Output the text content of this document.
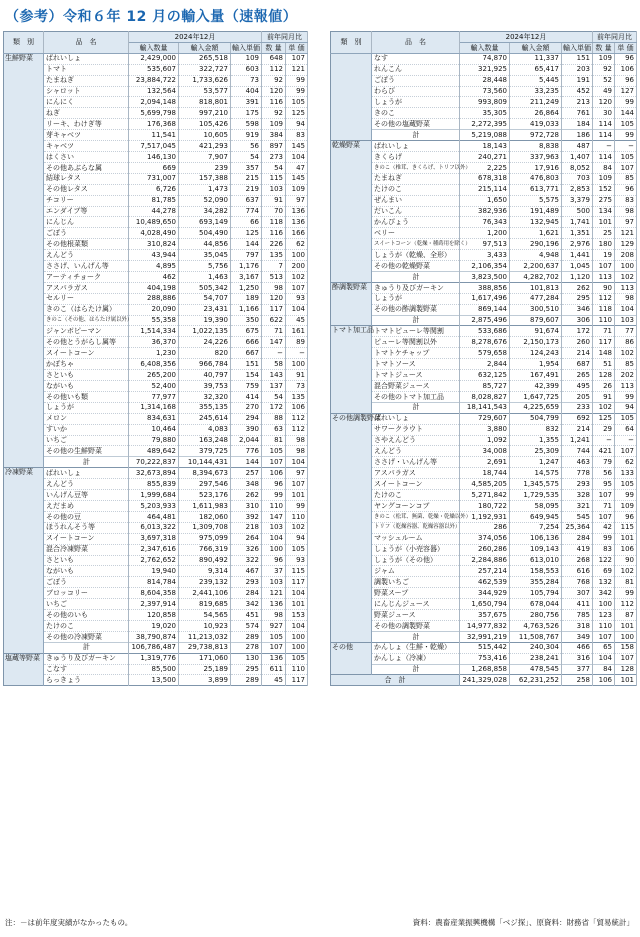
（参考）令和６年 12 月の輸入量（速報値）
類　別	品　名	2024年12月			前年同月比	
		輸入数量	輸入金額	輸入単価	数 量	単 価
生鮮野菜	ばれいしょ	2,429,000	265,518	109	648	107
	トマト	535,607	322,727	603	112	121
	たまねぎ	23,884,722	1,733,626	73	92	99
	シャロット	132,564	53,577	404	120	99
	にんにく	2,094,148	818,801	391	116	105
	ねぎ	5,699,798	997,210	175	92	125
	リーキ、わけぎ等	176,368	105,426	598	109	94
	芽キャベツ	11,541	10,605	919	384	83
	キャベツ	7,517,045	421,293	56	897	145
	はくさい	146,130	7,907	54	273	104
	その他あぶらな属	669	239	357	54	47
	結球レタス	731,007	157,388	215	115	145
	その他レタス	6,726	1,473	219	103	109
	チコリー	81,785	52,090	637	91	97
	エンダイブ等	44,278	34,282	774	70	136
	にんじん	10,489,650	693,149	66	118	136
	ごぼう	4,028,490	504,490	125	116	166
	その他根菜類	310,824	44,856	144	226	62
	えんどう	43,944	35,045	797	135	100
	ささげ、いんげん等	4,895	5,756	1,176	7	200
	アーティチョーク	462	1,463	3,167	513	102
	アスパラガス	404,198	505,342	1,250	98	107
	セルリー	288,886	54,707	189	120	93
	きのこ（はらたけ属）	20,090	23,431	1,166	117	104
	きのこ（その他、はらたけ属以外）	55,358	19,390	350	622	45
	ジャンボピーマン	1,514,334	1,022,135	675	71	161
	その他とうがらし属等	36,370	24,226	666	147	89
	スイートコーン	1,230	820	667	−	−
	かぼちゃ	6,408,356	966,784	151	58	100
	さといも	265,200	40,797	154	143	91
	ながいも	52,400	39,753	759	137	73
	その他いも類	77,977	32,320	414	54	135
	しょうが	1,314,168	355,135	270	172	106
	メロン	834,631	245,614	294	88	112
	すいか	10,464	4,083	390	63	112
	いちご	79,880	163,248	2,044	81	98
	その他の生鮮野菜	489,642	379,725	776	105	98
	計	70,222,837	10,144,431	144	107	104
冷凍野菜	ばれいしょ	32,673,894	8,394,673	257	106	97
	えんどう	855,839	297,546	348	96	107
	いんげん豆等	1,999,684	523,176	262	99	101
	えだまめ	5,203,933	1,611,983	310	110	99
	その他の豆	464,481	182,060	392	147	110
	ほうれんそう等	6,013,322	1,309,708	218	103	102
	スイートコーン	3,697,318	975,099	264	104	94
	混合冷凍野菜	2,347,616	766,319	326	100	105
	さといも	2,762,652	890,492	322	96	93
	ながいも	19,940	9,314	467	37	115
	ごぼう	814,784	239,132	293	103	117
	ブロッコリー	8,604,358	2,441,106	284	121	104
	いちご	2,397,914	819,685	342	136	101
	その他のいも	120,858	54,565	451	98	153
	たけのこ	19,020	10,923	574	927	104
	その他の冷凍野菜	38,790,874	11,213,032	289	105	100
	計	106,786,487	29,738,813	278	107	100
塩蔵等野菜	きゅうり及びガーキン	1,319,776	171,060	130	136	105
	こなす	85,500	25,189	295	611	110
	らっきょう	13,500	3,899	289	45	117
類　別	品　名	2024年12月			前年同月比	
		輸入数量	輸入金額	輸入単価	数 量	単 価
	なす	74,870	11,337	151	109	96
	れんこん	321,925	65,417	203	92	106
	ごぼう	28,448	5,445	191	52	96
	わらび	73,560	33,235	452	49	127
	しょうが	993,809	211,249	213	120	99
	きのこ	35,305	26,864	761	30	144
	その他の塩蔵野菜	2,272,395	419,033	184	114	105
	計	5,219,088	972,728	186	114	99
乾燥野菜	ばれいしょ	18,143	8,838	487	−	−
	きくらげ	240,271	337,963	1,407	114	105
	きのこ（椎茸、きくらげ、トリフ以外）	2,225	17,916	8,052	84	107
	たまねぎ	678,318	476,803	703	109	85
	たけのこ	215,114	613,771	2,853	152	96
	ぜんまい	1,650	5,575	3,379	275	83
	だいこん	382,936	191,489	500	134	98
	かんぴょう	76,343	132,945	1,741	101	97
	ベリー	1,200	1,621	1,351	25	121
	スイートコーン（乾燥・種蒔用を除く）	97,513	290,196	2,976	180	129
	しょうが（乾燥、全形）	3,433	4,948	1,441	19	208
	その他の乾燥野菜	2,106,354	2,200,637	1,045	107	100
	計	3,823,500	4,282,702	1,120	113	102
酢調製野菜	きゅうり及びガーキン	388,856	101,813	262	90	113
	しょうが	1,617,496	477,284	295	112	98
	その他の酢調製野菜	869,144	300,510	346	118	104
	計	2,875,496	879,607	306	110	103
トマト加工品	トマトピューレ等関割	533,686	91,674	172	71	77
	ピューレ等関割以外	8,278,676	2,150,173	260	117	86
	トマトケチャップ	579,658	124,243	214	148	102
	トマトソース	2,844	1,954	687	51	85
	トマトジュース	632,125	167,491	265	128	202
	混合野菜ジュース	85,727	42,399	495	26	113
	その他のトマト加工品	8,028,827	1,647,725	205	91	99
	計	18,141,543	4,225,659	233	102	94
その他調製野菜	ばれいしょ	729,607	504,799	692	125	105
	サワークラウト	3,880	832	214	29	64
	さやえんどう	1,092	1,355	1,241	−	−
	えんどう	34,008	25,309	744	421	107
	ささげ・いんげん等	2,691	1,247	463	79	62
	アスパラガス	18,744	14,575	778	56	133
	スイートコーン	4,585,205	1,345,575	293	95	105
	たけのこ	5,271,842	1,729,535	328	107	99
	ヤングコーンコブ	180,722	58,095	321	71	109
	きのこ（松茸、無菌、乾燥・乾燥以外）	1,192,931	649,945	545	107	96
	トリフ（乾燥容器、乾燥容器以外）	286	7,254	25,364	42	115
	マッシュルーム	374,056	106,136	284	99	101
	しょうが（小売容器）	260,286	109,143	419	83	106
	しょうが（その他）	2,284,886	613,010	268	122	90
	ジャム	257,214	158,553	616	69	102
	調製いちご	462,539	355,284	768	132	81
	野菜スープ	344,929	105,794	307	342	99
	にんじんジュース	1,650,794	678,044	411	100	112
	野菜ジュース	357,675	280,756	785	123	87
	その他の調製野菜	14,977,832	4,763,526	318	110	101
	計	32,991,219	11,508,767	349	107	100
その他	かんしょ（生鮮・乾燥）	515,442	240,304	466	65	158
	かんしょ（冷凍）	753,416	238,241	316	104	107
	計	1,268,858	478,545	377	84	128
合　計		241,329,028	62,231,252	258	106	101
注：－は前年度実績がなかったもの。	資料：農畜産業振興機構「ベジ探」、原資料：財務省「貿易統計」
